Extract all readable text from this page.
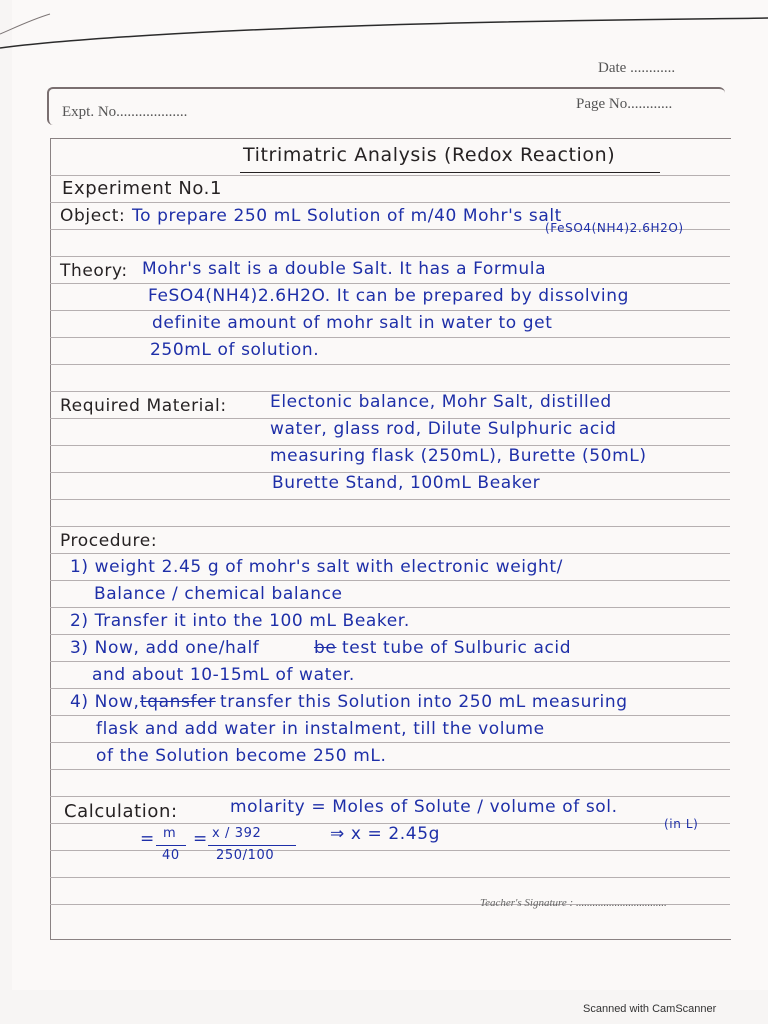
Date ............
Expt. No...................	Page No............
Titrimatric Analysis (Redox Reaction)
Experiment No.1
Object: To prepare 250 mL Solution of m/40 Mohr's salt
(FeSO4(NH4)2.6H2O)
Theory: Mohr's salt is a double Salt. It has a Formula
FeSO4(NH4)2.6H2O. It can be prepared by dissolving
definite amount of mohr salt in water to get
250mL of solution.
Required Material:	Electonic balance, Mohr Salt, distilled
water, glass rod, Dilute Sulphuric acid
measuring flask (250mL), Burette (50mL)
Burette Stand, 100mL Beaker
Procedure:
1) weight 2.45 g of mohr's salt with electronic weight/
Balance / chemical balance
2) Transfer it into the 100 mL Beaker.
3) Now, add one/half	be test tube of Sulburic acid
and about 10-15mL of water.
4) Now, tqansfer transfer this Solution into 250 mL measuring
flask and add water in instalment, till the volume
of the Solution become 250 mL.
Calculation:	molarity = Moles of Solute / volume of sol.
(in L)
= m
40
= x / 392
250/100
⇒ x = 2.45g
Teacher's Signature : .................................
Scanned with CamScanner
